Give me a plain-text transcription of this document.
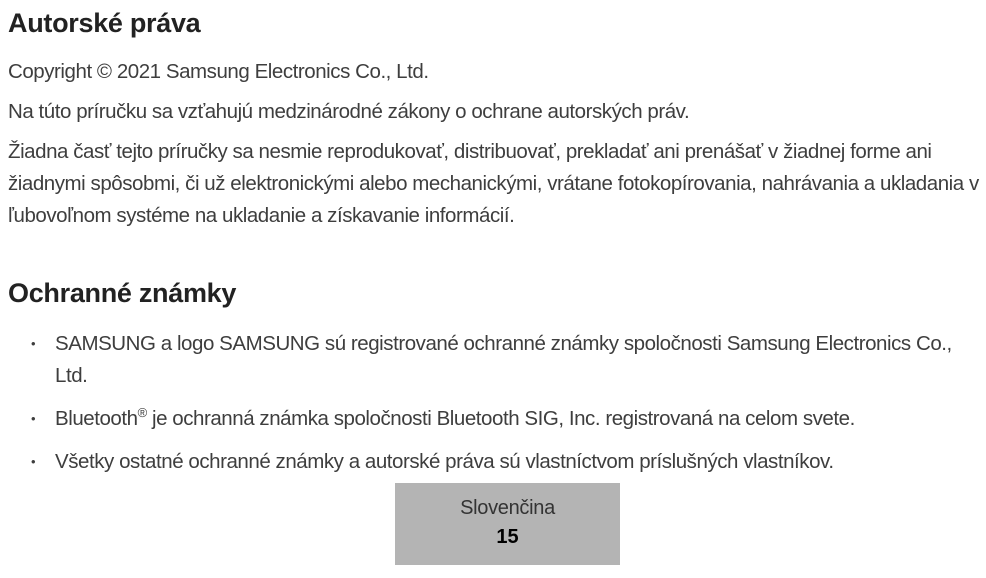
Autorské práva

Copyright © 2021 Samsung Electronics Co., Ltd.

Na túto príručku sa vzťahujú medzinárodné zákony o ochrane autorských práv.

Žiadna časť tejto príručky sa nesmie reprodukovať, distribuovať, prekladať ani prenášať v žiadnej forme ani žiadnymi spôsobmi, či už elektronickými alebo mechanickými, vrátane fotokopírovania, nahrávania a ukladania v ľubovoľnom systéme na ukladanie a získavanie informácií.

Ochranné známky
• SAMSUNG a logo SAMSUNG sú registrované ochranné známky spoločnosti Samsung Electronics Co., Ltd.
• Bluetooth® je ochranná známka spoločnosti Bluetooth SIG, Inc. registrovaná na celom svete.
• Všetky ostatné ochranné známky a autorské práva sú vlastníctvom príslušných vlastníkov.
Slovenčina
15
